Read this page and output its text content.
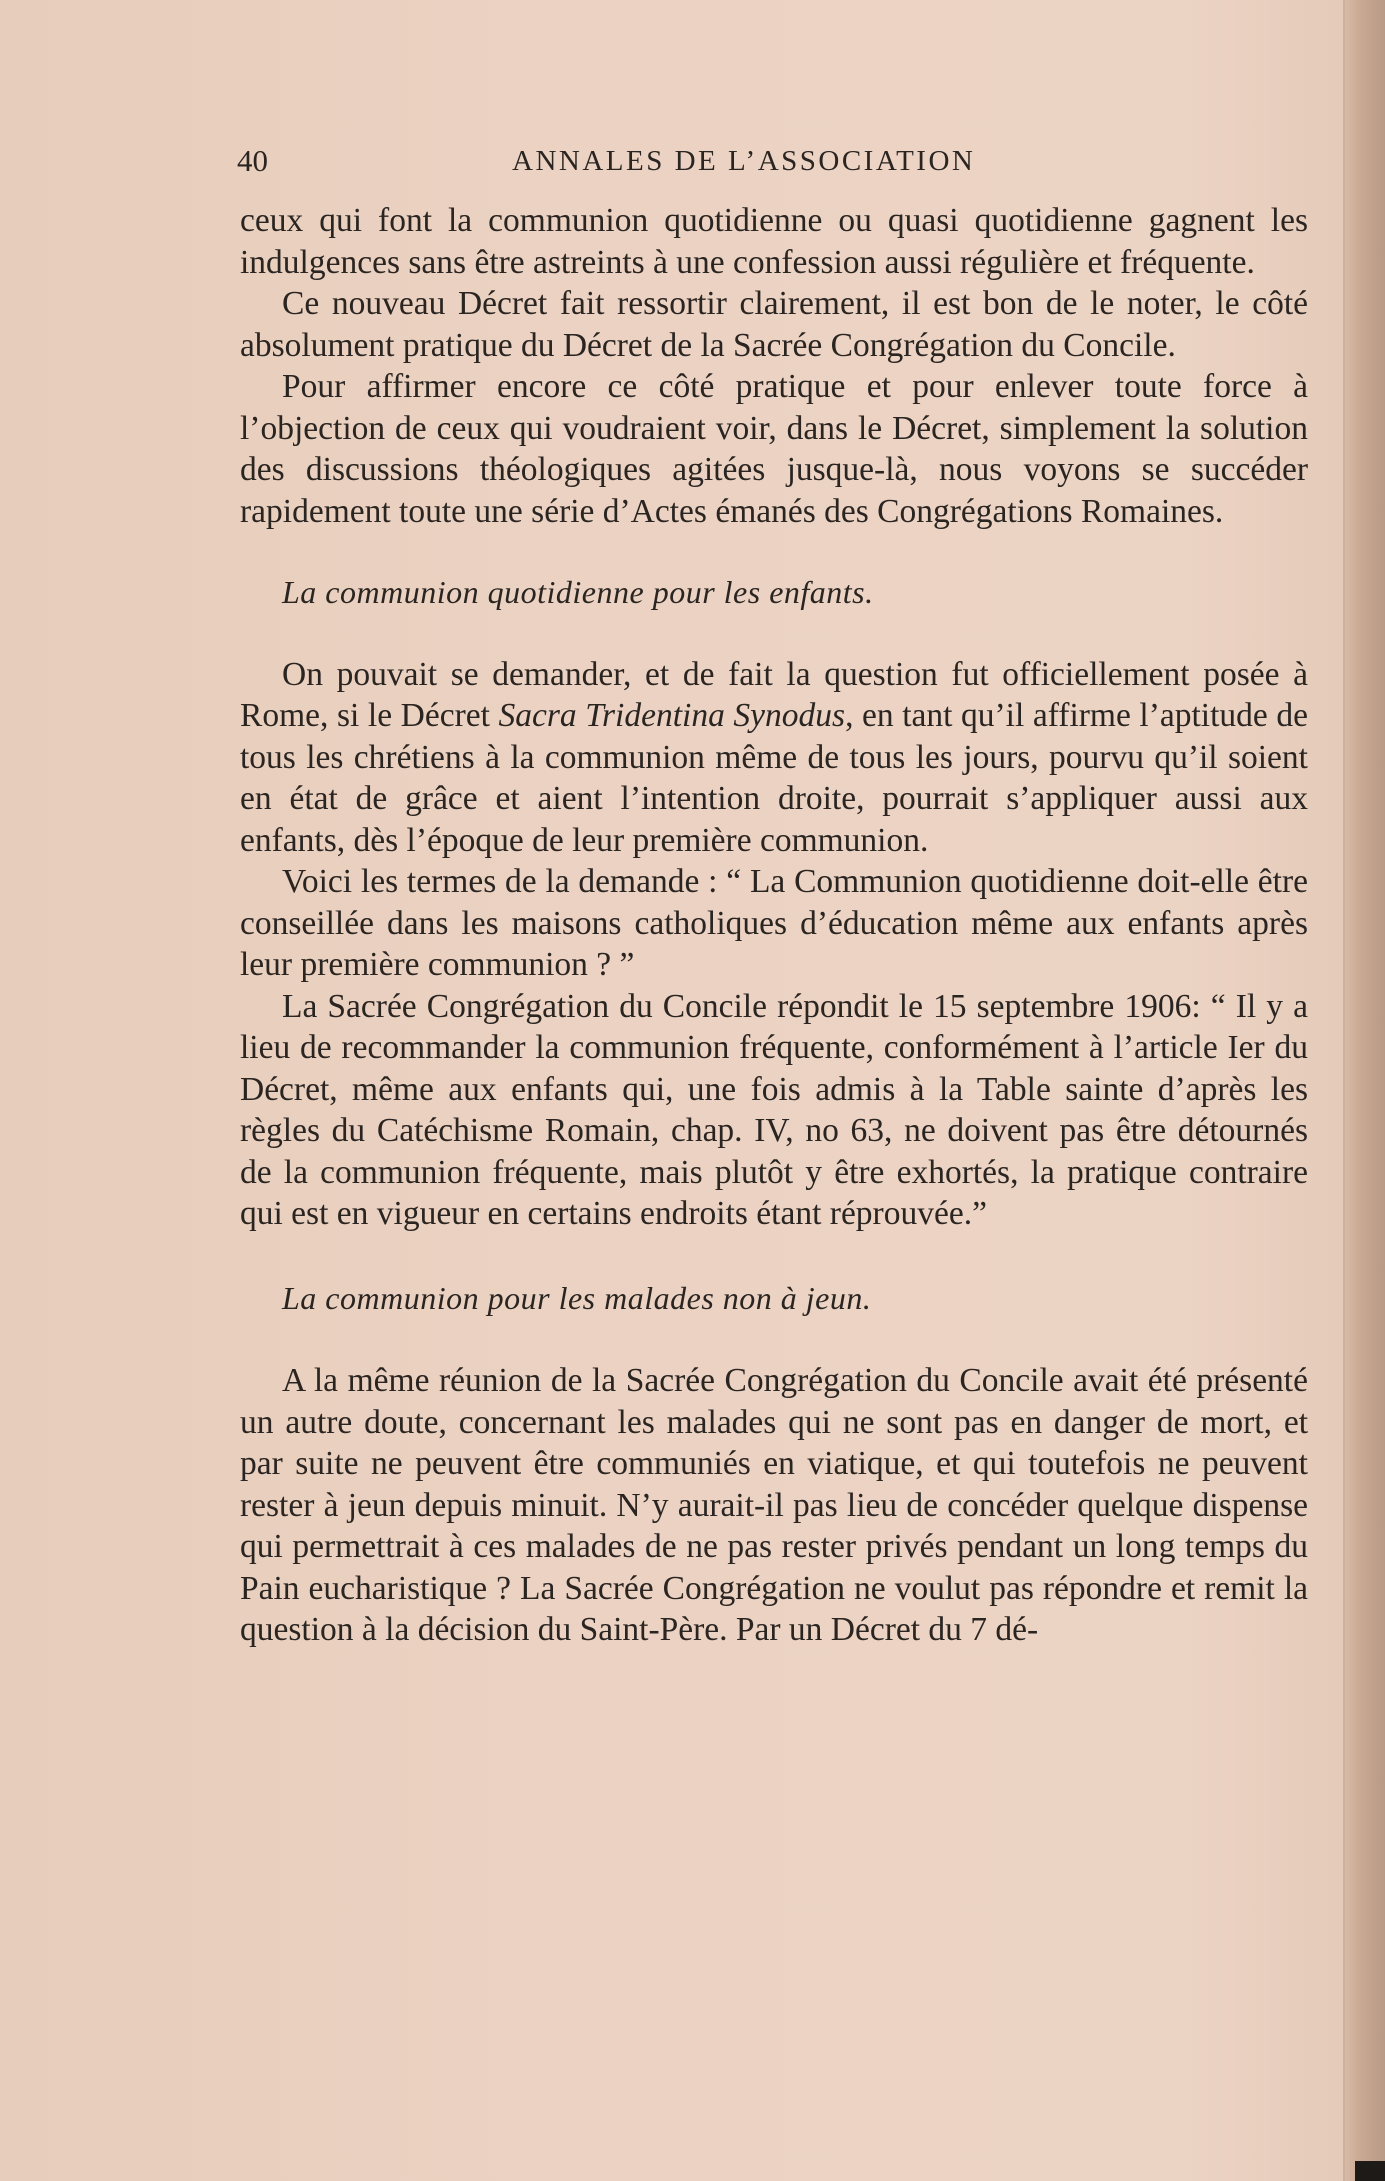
40	ANNALES DE L’ASSOCIATION

ceux qui font la communion quotidienne ou quasi quotidienne gagnent les indulgences sans être astreints à une confession aussi régulière et fréquente.

Ce nouveau Décret fait ressortir clairement, il est bon de le noter, le côté absolument pratique du Décret de la Sacrée Congrégation du Concile.

Pour affirmer encore ce côté pratique et pour enlever toute force à l’objection de ceux qui voudraient voir, dans le Décret, simplement la solution des discussions théologiques agitées jusque-là, nous voyons se succéder rapidement toute une série d’Actes émanés des Congrégations Romaines.

La communion quotidienne pour les enfants.

On pouvait se demander, et de fait la question fut officiellement posée à Rome, si le Décret Sacra Tridentina Synodus, en tant qu’il affirme l’aptitude de tous les chrétiens à la communion même de tous les jours, pourvu qu’il soient en état de grâce et aient l’intention droite, pourrait s’appliquer aussi aux enfants, dès l’époque de leur première communion.

Voici les termes de la demande : “ La Communion quotidienne doit-elle être conseillée dans les maisons catholiques d’éducation même aux enfants après leur première communion ? ”

La Sacrée Congrégation du Concile répondit le 15 septembre 1906: “ Il y a lieu de recommander la communion fréquente, conformément à l’article Ier du Décret, même aux enfants qui, une fois admis à la Table sainte d’après les règles du Catéchisme Romain, chap. IV, no 63, ne doivent pas être détournés de la communion fréquente, mais plutôt y être exhortés, la pratique contraire qui est en vigueur en certains endroits étant réprouvée.”

La communion pour les malades non à jeun.

A la même réunion de la Sacrée Congrégation du Concile avait été présenté un autre doute, concernant les malades qui ne sont pas en danger de mort, et par suite ne peuvent être communiés en viatique, et qui toutefois ne peuvent rester à jeun depuis minuit. N’y aurait-il pas lieu de concéder quelque dispense qui permettrait à ces malades de ne pas rester privés pendant un long temps du Pain eucharistique ? La Sacrée Congrégation ne voulut pas répondre et remit la question à la décision du Saint-Père. Par un Décret du 7 dé-
